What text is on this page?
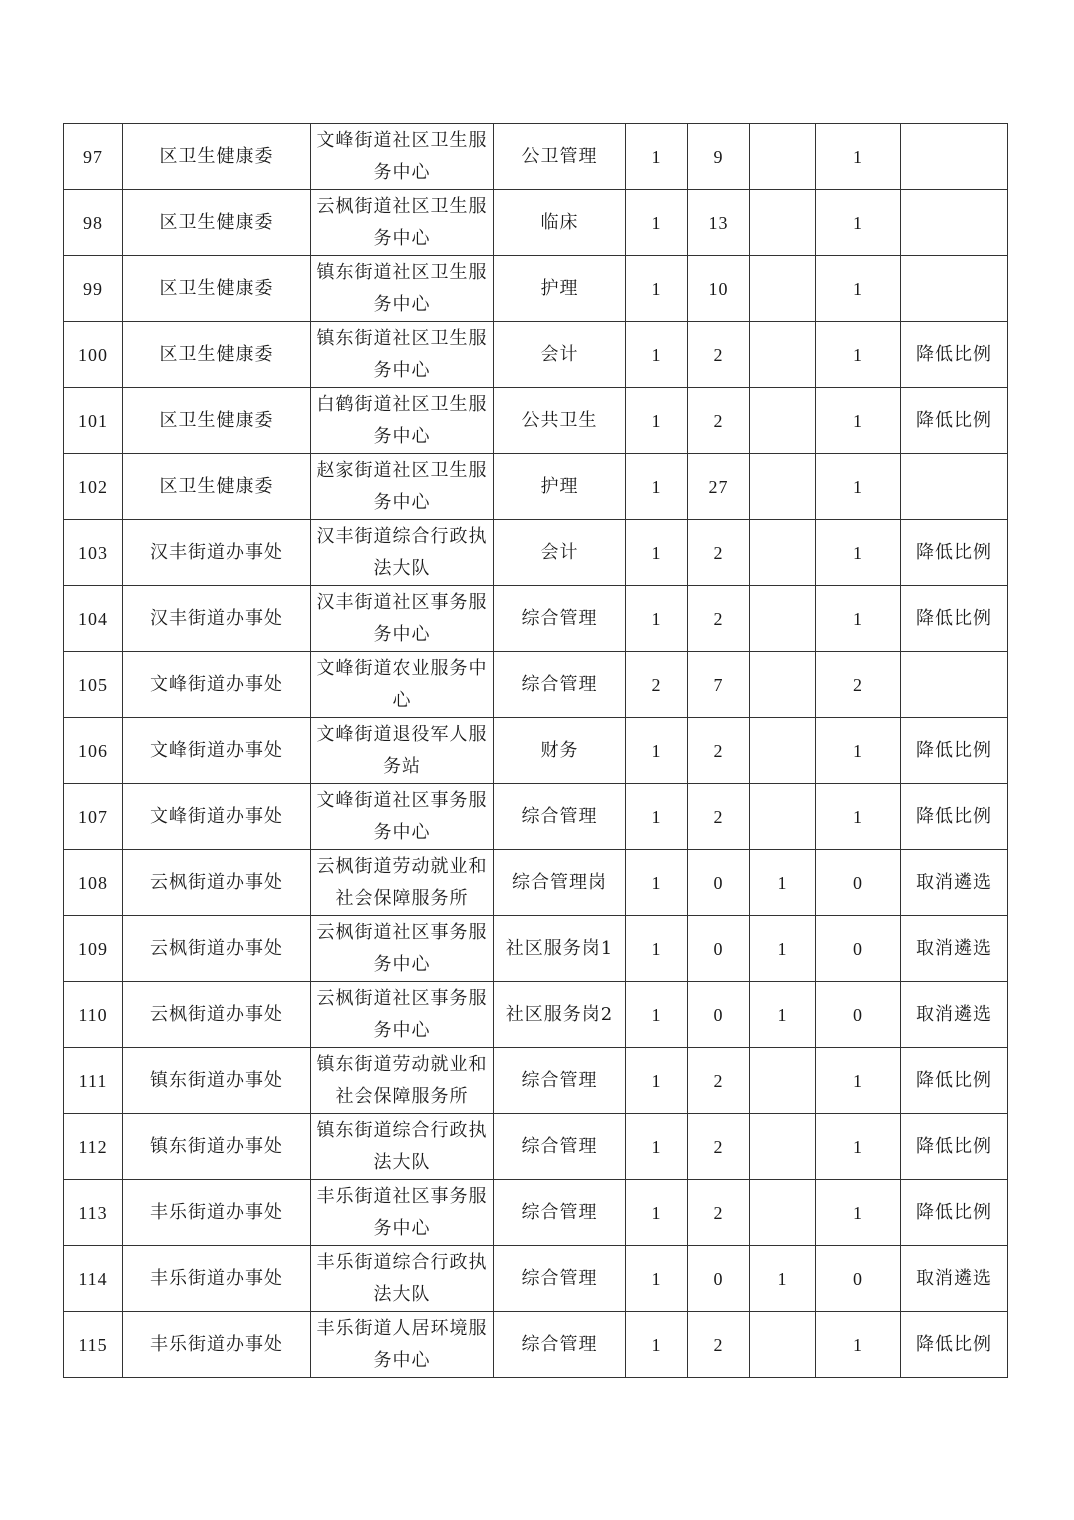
97	区卫生健康委	文峰街道社区卫生服务中心	公卫管理	1	9		1	
98	区卫生健康委	云枫街道社区卫生服务中心	临床	1	13		1	
99	区卫生健康委	镇东街道社区卫生服务中心	护理	1	10		1	
100	区卫生健康委	镇东街道社区卫生服务中心	会计	1	2		1	降低比例
101	区卫生健康委	白鹤街道社区卫生服务中心	公共卫生	1	2		1	降低比例
102	区卫生健康委	赵家街道社区卫生服务中心	护理	1	27		1	
103	汉丰街道办事处	汉丰街道综合行政执法大队	会计	1	2		1	降低比例
104	汉丰街道办事处	汉丰街道社区事务服务中心	综合管理	1	2		1	降低比例
105	文峰街道办事处	文峰街道农业服务中心	综合管理	2	7		2	
106	文峰街道办事处	文峰街道退役军人服务站	财务	1	2		1	降低比例
107	文峰街道办事处	文峰街道社区事务服务中心	综合管理	1	2		1	降低比例
108	云枫街道办事处	云枫街道劳动就业和社会保障服务所	综合管理岗	1	0	1	0	取消遴选
109	云枫街道办事处	云枫街道社区事务服务中心	社区服务岗1	1	0	1	0	取消遴选
110	云枫街道办事处	云枫街道社区事务服务中心	社区服务岗2	1	0	1	0	取消遴选
111	镇东街道办事处	镇东街道劳动就业和社会保障服务所	综合管理	1	2		1	降低比例
112	镇东街道办事处	镇东街道综合行政执法大队	综合管理	1	2		1	降低比例
113	丰乐街道办事处	丰乐街道社区事务服务中心	综合管理	1	2		1	降低比例
114	丰乐街道办事处	丰乐街道综合行政执法大队	综合管理	1	0	1	0	取消遴选
115	丰乐街道办事处	丰乐街道人居环境服务中心	综合管理	1	2		1	降低比例
